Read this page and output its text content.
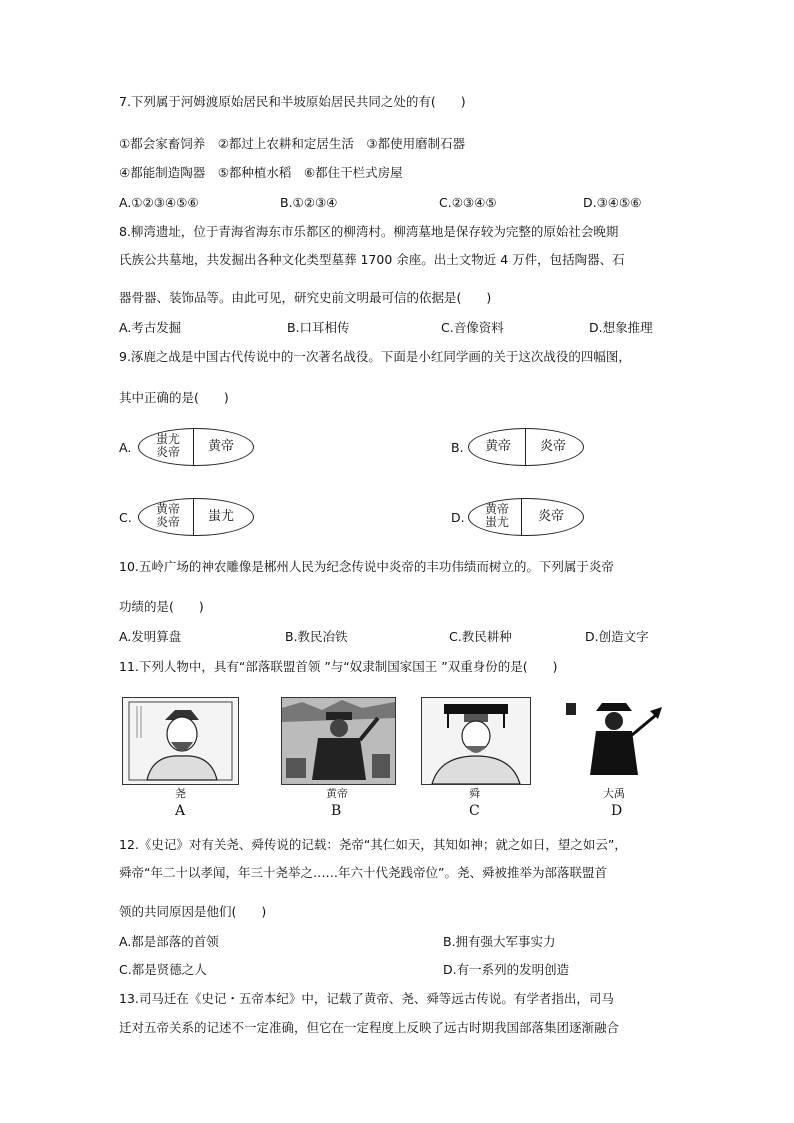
7.下列属于河姆渡原始居民和半坡原始居民共同之处的有(　　)
①都会家畜饲养　②都过上农耕和定居生活　③都使用磨制石器
④都能制造陶器　⑤都种植水稻　⑥都住干栏式房屋
A.①②③④⑤⑥	B.①②③④	C.②③④⑤	D.③④⑤⑥
8.柳湾遗址，位于青海省海东市乐都区的柳湾村。柳湾墓地是保存较为完整的原始社会晚期
氏族公共墓地，共发掘出各种文化类型墓葬 1700 余座。出土文物近 4 万件，包括陶器、石
器骨器、装饰品等。由此可见，研究史前文明最可信的依据是(　　)
A.考古发掘	B.口耳相传	C.音像资料	D.想象推理
9.涿鹿之战是中国古代传说中的一次著名战役。下面是小红同学画的关于这次战役的四幅图，
其中正确的是(　　)
A.
蚩尤
炎帝	黄帝	B.	黄帝	炎帝
C.
黄帝
炎帝	蚩尤	D.
黄帝
蚩尤	炎帝
10.五岭广场的神农雕像是郴州人民为纪念传说中炎帝的丰功伟绩而树立的。下列属于炎帝
功绩的是(　　)
A.发明算盘	B.教民冶铁	C.教民耕种	D.创造文字
11.下列人物中，具有“部落联盟首领 ”与“奴隶制国家国王 ”双重身份的是(　　)
尧
A
黄帝
B
舜
C
大禹
D
12.《史记》对有关尧、舜传说的记载：尧帝“其仁如天，其知如神；就之如日，望之如云”，
舜帝“年二十以孝闻，年三十尧举之……年六十代尧践帝位”。尧、舜被推举为部落联盟首
领的共同原因是他们(　　)
A.都是部落的首领	B.拥有强大军事实力
C.都是贤德之人	D.有一系列的发明创造
13.司马迁在《史记・五帝本纪》中，记载了黄帝、尧、舜等远古传说。有学者指出，司马
迁对五帝关系的记述不一定准确，但它在一定程度上反映了远古时期我国部落集团逐渐融合
